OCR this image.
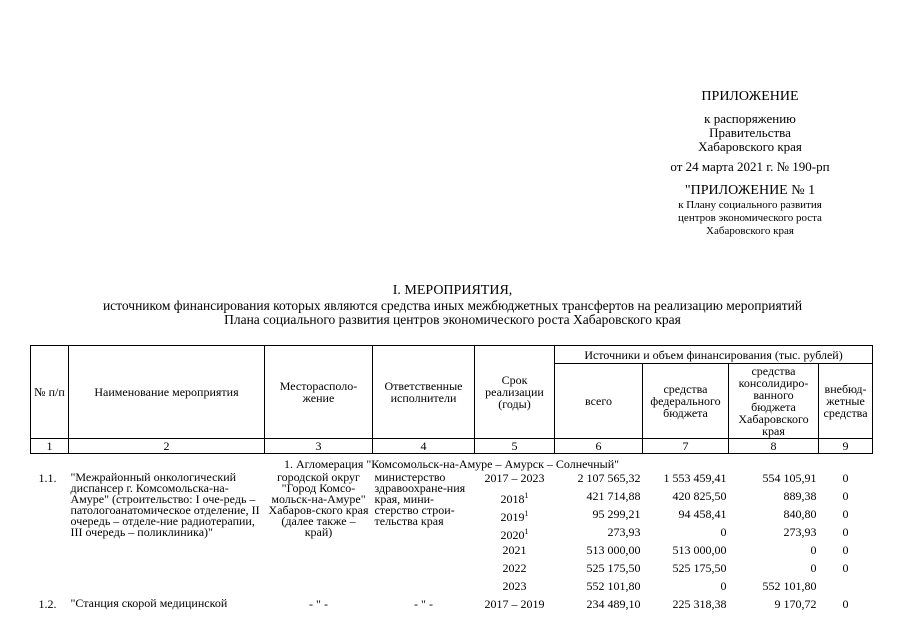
ПРИЛОЖЕНИЕ
к распоряжению
Правительства
Хабаровского края
от 24 марта 2021 г. № 190-рп
"ПРИЛОЖЕНИЕ № 1
к Плану социального развития
центров экономического роста
Хабаровского края
I. МЕРОПРИЯТИЯ,
источником финансирования которых являются средства иных межбюджетных трансфертов на реализацию мероприятий
Плана социального развития центров экономического роста Хабаровского края
№ п/п	Наименование мероприятия	Месторасполо-жение	Ответственные исполнители	Срок реализации (годы)	Источники и объем финансирования (тыс. рублей)			
					всего	средства федерального бюджета	средства консолидиро-ванного бюджета Хабаровского края	внебюд-жетные средства
1	2	3	4	5	6	7	8	9
1. Агломерация "Комсомольск-на-Амуре – Амурск – Солнечный"								
1.1.	"Межрайонный онкологический диспансер г. Комсомольска-на-Амуре" (строительство: I оче-редь – патологоанатомическое отделение, II очередь – отделе-ние радиотерапии, III очередь – поликлиника)"	городской округ "Город Комсо-мольск-на-Амуре" Хабаров-ского края (далее также – край)	министерство здравоохране-ния края, мини-стерство строи-тельства края	2017 – 2023	2 107 565,32	1 553 459,41	554 105,91	0
				2018$^1$	421 714,88	420 825,50	889,38	0
				2019$^1$	95 299,21	94 458,41	840,80	0
				2020$^1$	273,93	0	273,93	0
				2021	513 000,00	513 000,00	0	0
				2022	525 175,50	525 175,50	0	0
				2023	552 101,80	0	552 101,80	
1.2.	"Станция скорой медицинской	- " -	- " -	2017 – 2019	234 489,10	225 318,38	9 170,72	0
